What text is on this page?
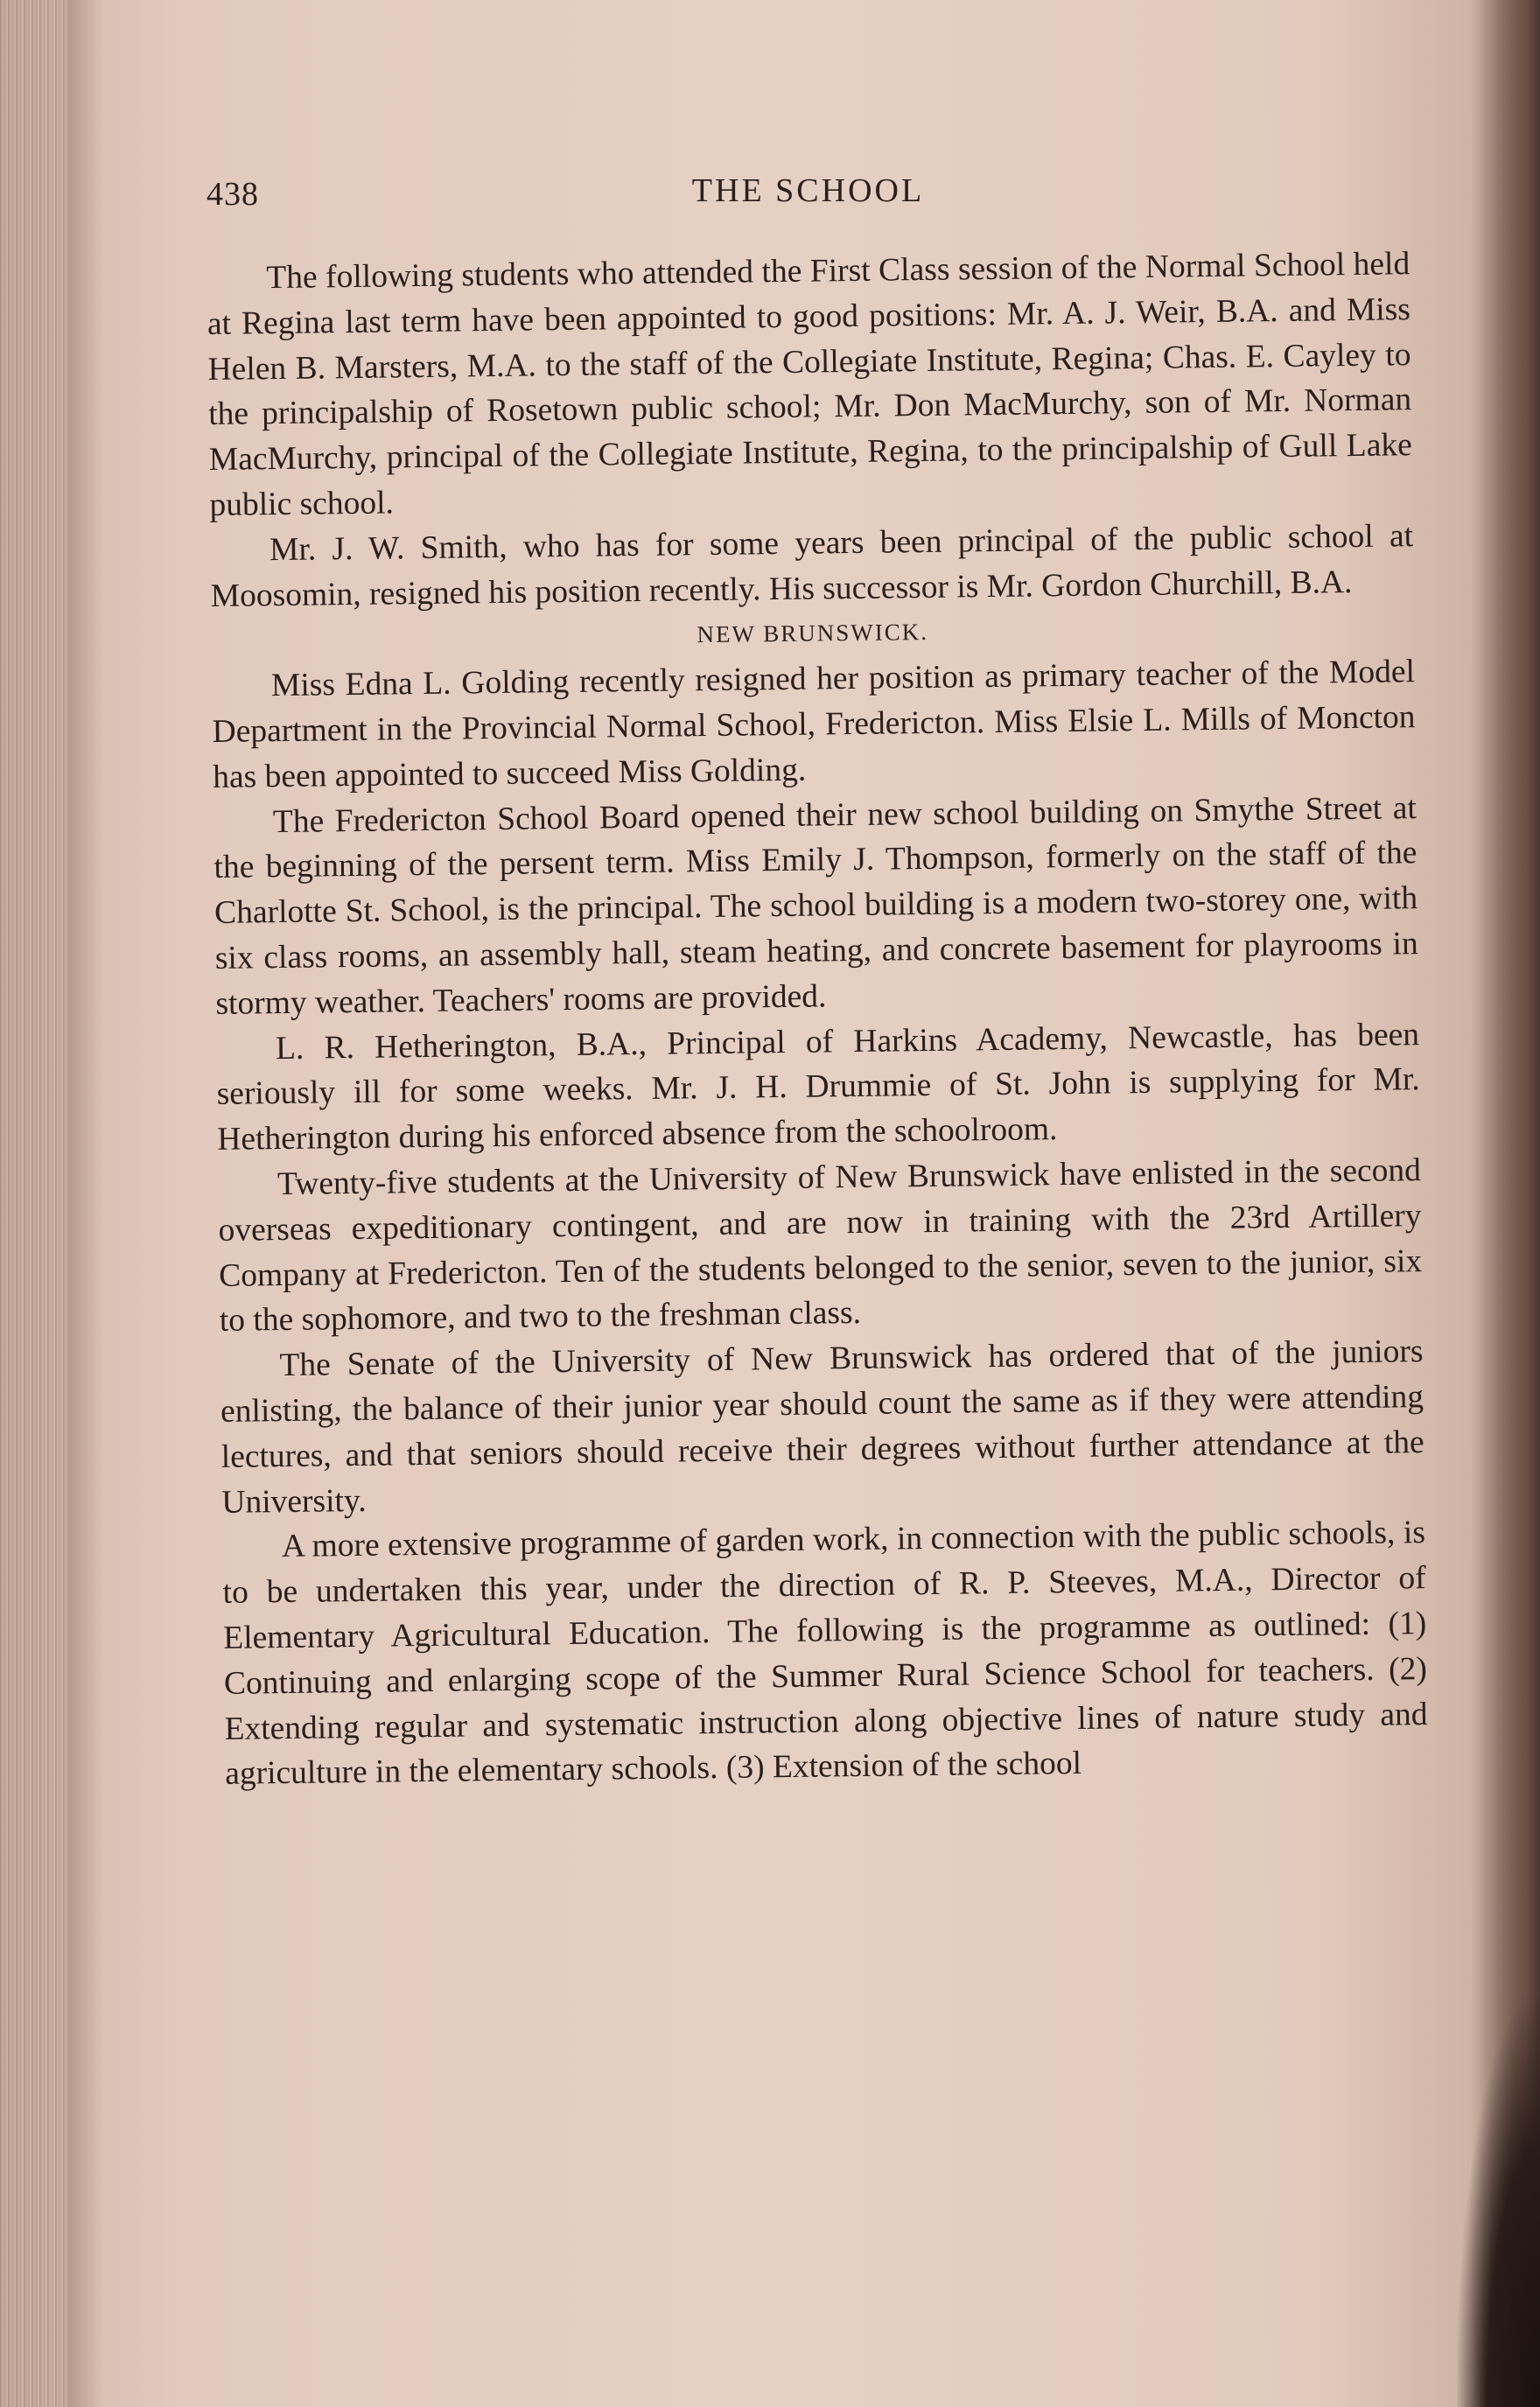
438	THE SCHOOL

The following students who attended the First Class session of the Normal School held at Regina last term have been appointed to good positions: Mr. A. J. Weir, B.A. and Miss Helen B. Marsters, M.A. to the staff of the Collegiate Institute, Regina; Chas. E. Cayley to the principalship of Rosetown public school; Mr. Don MacMurchy, son of Mr. Norman MacMurchy, principal of the Collegiate Institute, Regina, to the principalship of Gull Lake public school.

Mr. J. W. Smith, who has for some years been principal of the public school at Moosomin, resigned his position recently. His successor is Mr. Gordon Churchill, B.A.

NEW BRUNSWICK.

Miss Edna L. Golding recently resigned her position as primary teacher of the Model Department in the Provincial Normal School, Fredericton. Miss Elsie L. Mills of Moncton has been appointed to succeed Miss Golding.

The Fredericton School Board opened their new school building on Smythe Street at the beginning of the persent term. Miss Emily J. Thompson, formerly on the staff of the Charlotte St. School, is the principal. The school building is a modern two-storey one, with six class rooms, an assembly hall, steam heating, and concrete basement for playrooms in stormy weather. Teachers' rooms are provided.

L. R. Hetherington, B.A., Principal of Harkins Academy, Newcastle, has been seriously ill for some weeks. Mr. J. H. Drummie of St. John is supplying for Mr. Hetherington during his enforced absence from the schoolroom.

Twenty-five students at the University of New Brunswick have enlisted in the second overseas expeditionary contingent, and are now in training with the 23rd Artillery Company at Fredericton. Ten of the students belonged to the senior, seven to the junior, six to the sophomore, and two to the freshman class.

The Senate of the University of New Brunswick has ordered that of the juniors enlisting, the balance of their junior year should count the same as if they were attending lectures, and that seniors should receive their degrees without further attendance at the University.

A more extensive programme of garden work, in connection with the public schools, is to be undertaken this year, under the direction of R. P. Steeves, M.A., Director of Elementary Agricultural Education. The following is the programme as outlined: (1) Continuing and enlarging scope of the Summer Rural Science School for teachers. (2) Extending regular and systematic instruction along objective lines of nature study and agriculture in the elementary schools. (3) Extension of the school
